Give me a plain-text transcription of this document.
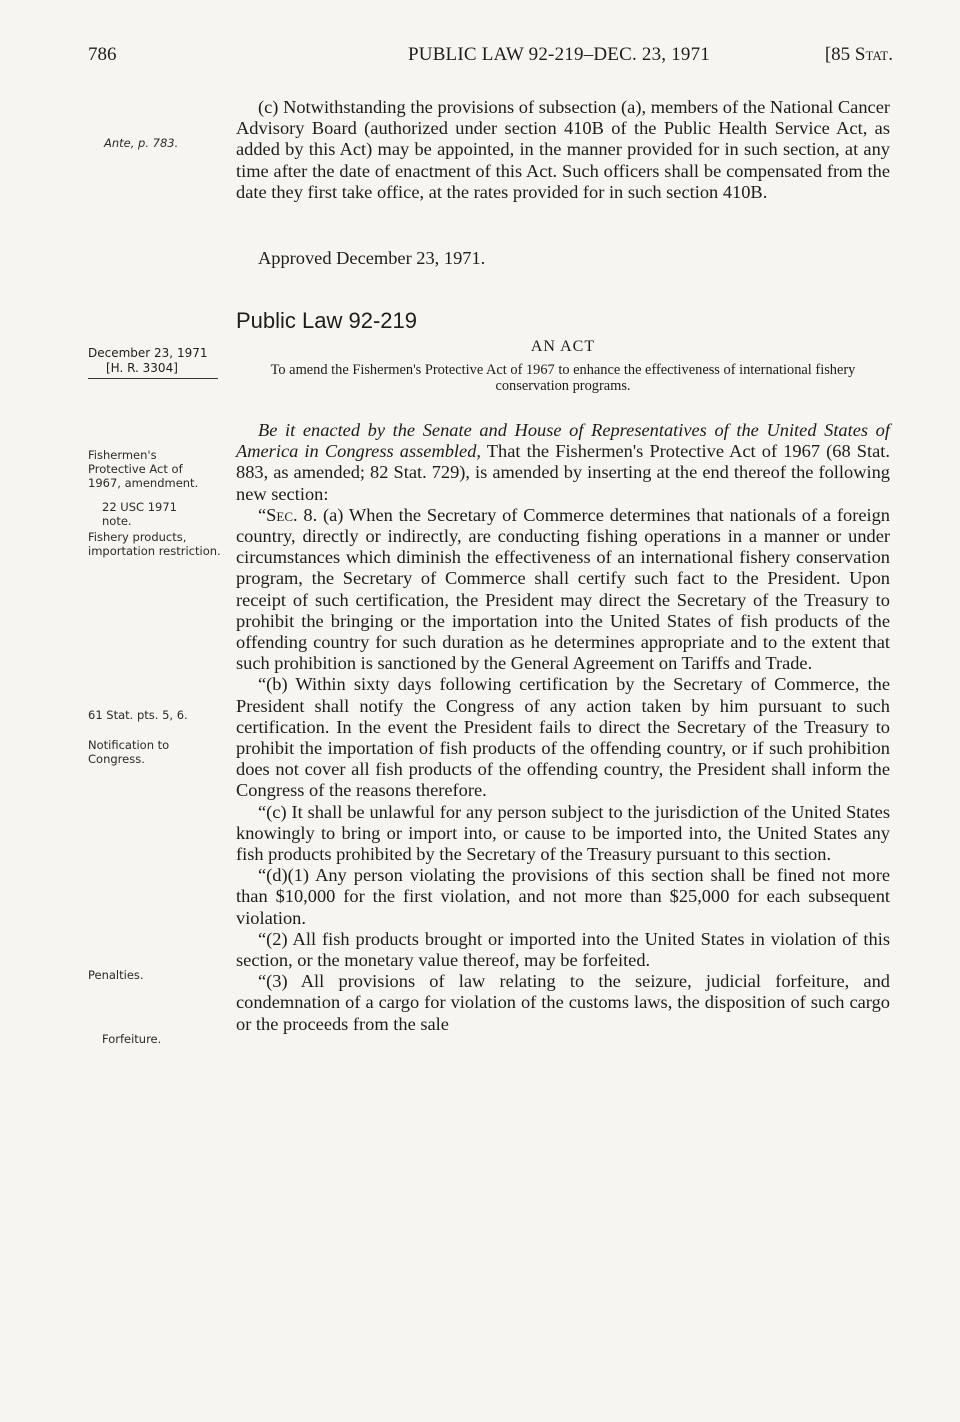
786	PUBLIC LAW 92-219–DEC. 23, 1971	[85 Stat.
Ante, p. 783.

(c) Notwithstanding the provisions of subsection (a), members of the National Cancer Advisory Board (authorized under section 410B of the Public Health Service Act, as added by this Act) may be appointed, in the manner provided for in such section, at any time after the date of enactment of this Act. Such officers shall be compensated from the date they first take office, at the rates provided for in such section 410B.

Approved December 23, 1971.
Public Law 92-219
December 23, 1971
[H. R. 3304]
AN ACT
To amend the Fishermen's Protective Act of 1967 to enhance the effectiveness of international fishery conservation programs.
Fishermen's Protective Act of 1967, amendment.
22 USC 1971 note.
Fishery products, importation restriction.

Be it enacted by the Senate and House of Representatives of the United States of America in Congress assembled, That the Fishermen's Protective Act of 1967 (68 Stat. 883, as amended; 82 Stat. 729), is amended by inserting at the end thereof the following new section:

“Sec. 8. (a) When the Secretary of Commerce determines that nationals of a foreign country, directly or indirectly, are conducting fishing operations in a manner or under circumstances which diminish the effectiveness of an international fishery conservation program, the Secretary of Commerce shall certify such fact to the President. Upon receipt of such certification, the President may direct the Secretary of the Treasury to prohibit the bringing or the importation into the United States of fish products of the offending country for such duration as he determines appropriate and to the extent that such prohibition is sanctioned by the General Agreement on Tariffs and Trade.

“(b) Within sixty days following certification by the Secretary of Commerce, the President shall notify the Congress of any action taken by him pursuant to such certification. In the event the President fails to direct the Secretary of the Treasury to prohibit the importation of fish products of the offending country, or if such prohibition does not cover all fish products of the offending country, the President shall inform the Congress of the reasons therefore.

“(c) It shall be unlawful for any person subject to the jurisdiction of the United States knowingly to bring or import into, or cause to be imported into, the United States any fish products prohibited by the Secretary of the Treasury pursuant to this section.

“(d)(1) Any person violating the provisions of this section shall be fined not more than $10,000 for the first violation, and not more than $25,000 for each subsequent violation.

“(2) All fish products brought or imported into the United States in violation of this section, or the monetary value thereof, may be forfeited.

“(3) All provisions of law relating to the seizure, judicial forfeiture, and condemnation of a cargo for violation of the customs laws, the disposition of such cargo or the proceeds from the sale

61 Stat. pts. 5, 6.
Notification to Congress.
Penalties.
Forfeiture.
